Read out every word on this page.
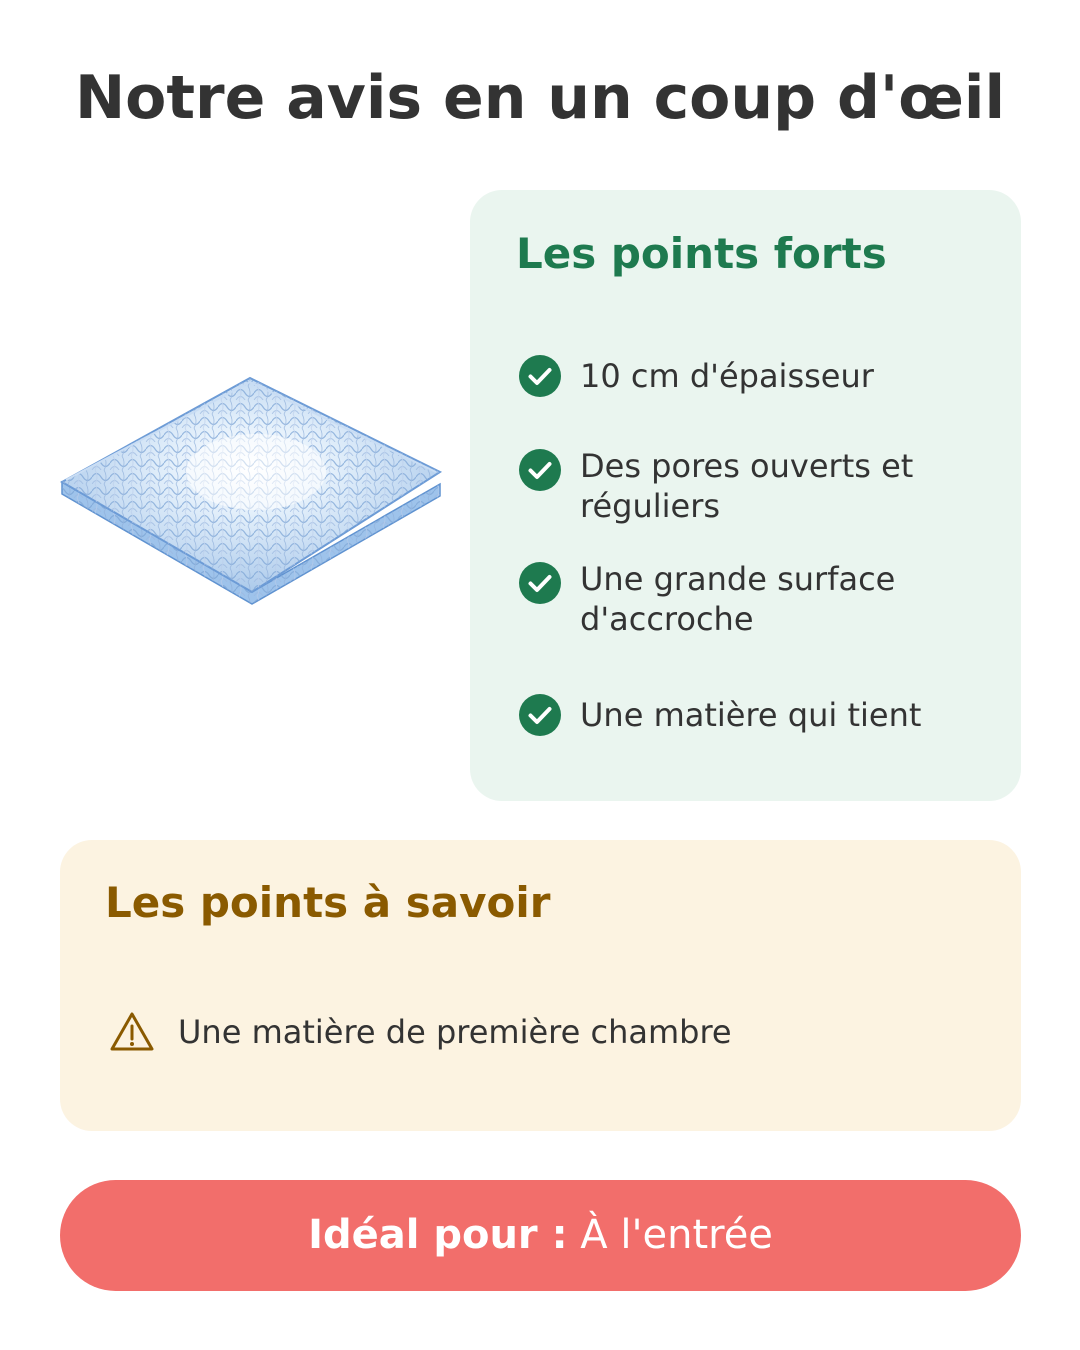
Notre avis en un coup d'œil
Les points forts
10 cm d'épaisseur
Des pores ouverts et réguliers
Une grande surface d'accroche
Une matière qui tient
Les points à savoir
Une matière de première chambre
Idéal pour : À l'entrée
